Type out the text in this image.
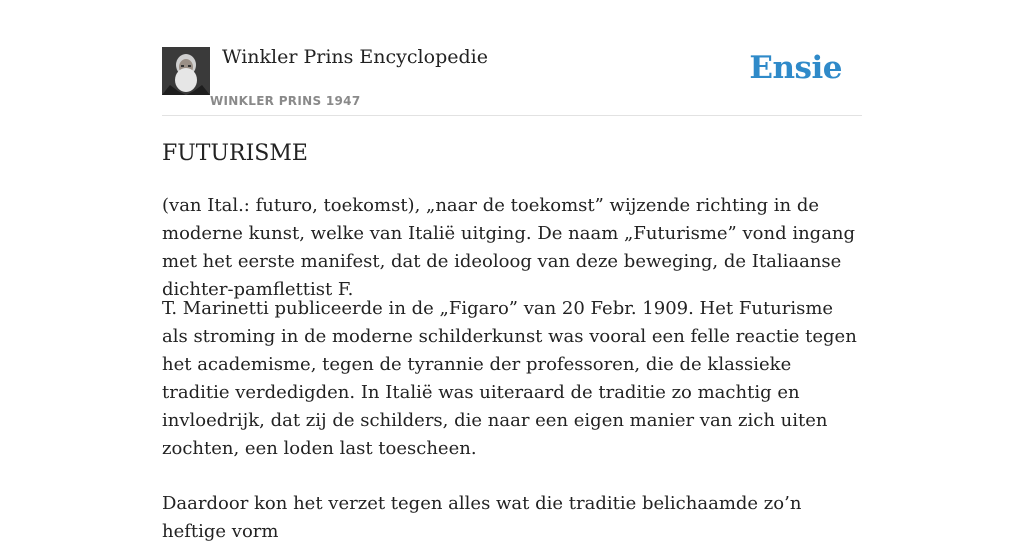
Winkler Prins Encyclopedie
WINKLER PRINS 1947
Ensie
FUTURISME

(van Ital.: futuro, toekomst), „naar de toekomst” wijzende richting in de moderne kunst, welke van Italië uitging. De naam „Futurisme” vond ingang met het eerste manifest, dat de ideoloog van deze beweging, de Italiaanse dichter-pamflettist F.

T. Marinetti publiceerde in de „Figaro” van 20 Febr. 1909. Het Futurisme als stroming in de moderne schilderkunst was vooral een felle reactie tegen het academisme, tegen de tyrannie der professoren, die de klassieke traditie verdedigden. In Italië was uiteraard de traditie zo machtig en invloedrijk, dat zij de schilders, die naar een eigen manier van zich uiten zochten, een loden last toescheen.

Daardoor kon het verzet tegen alles wat die traditie belichaamde zo’n heftige vorm
